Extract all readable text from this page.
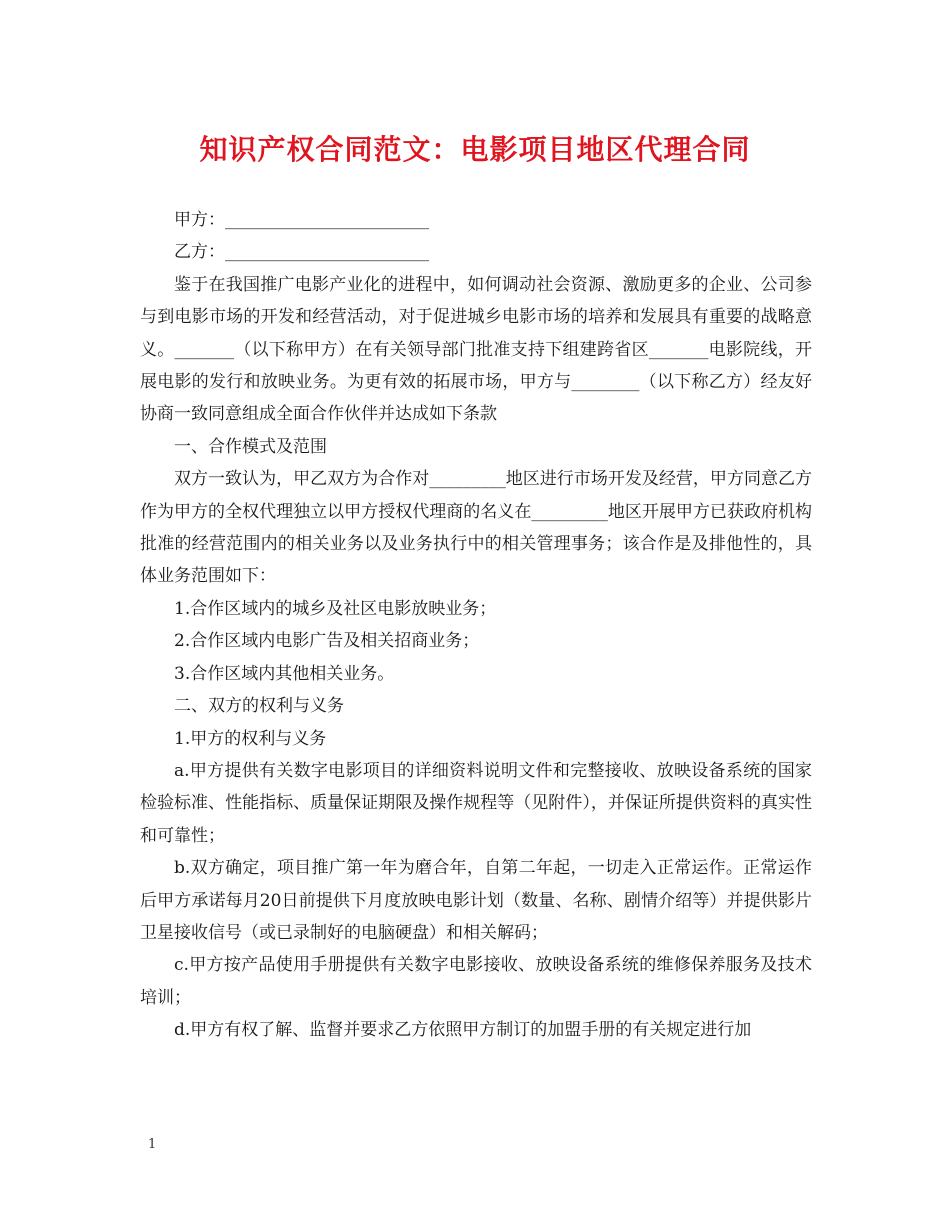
知识产权合同范文：电影项目地区代理合同

甲方：________________________

乙方：________________________

鉴于在我国推广电影产业化的进程中，如何调动社会资源、激励更多的企业、公司参与到电影市场的开发和经营活动，对于促进城乡电影市场的培养和发展具有重要的战略意义。_______（以下称甲方）在有关领导部门批准支持下组建跨省区_______电影院线，开展电影的发行和放映业务。为更有效的拓展市场，甲方与________（以下称乙方）经友好协商一致同意组成全面合作伙伴并达成如下条款

一、合作模式及范围

双方一致认为，甲乙双方为合作对_________地区进行市场开发及经营，甲方同意乙方作为甲方的全权代理独立以甲方授权代理商的名义在_________地区开展甲方已获政府机构批准的经营范围内的相关业务以及业务执行中的相关管理事务；该合作是及排他性的，具体业务范围如下：

1.合作区域内的城乡及社区电影放映业务；

2.合作区域内电影广告及相关招商业务；

3.合作区域内其他相关业务。

二、双方的权利与义务

1.甲方的权利与义务

a.甲方提供有关数字电影项目的详细资料说明文件和完整接收、放映设备系统的国家检验标准、性能指标、质量保证期限及操作规程等（见附件），并保证所提供资料的真实性和可靠性；

b.双方确定，项目推广第一年为磨合年，自第二年起，一切走入正常运作。正常运作后甲方承诺每月20日前提供下月度放映电影计划（数量、名称、剧情介绍等）并提供影片卫星接收信号（或已录制好的电脑硬盘）和相关解码；

c.甲方按产品使用手册提供有关数字电影接收、放映设备系统的维修保养服务及技术培训；

d.甲方有权了解、监督并要求乙方依照甲方制订的加盟手册的有关规定进行加

1
